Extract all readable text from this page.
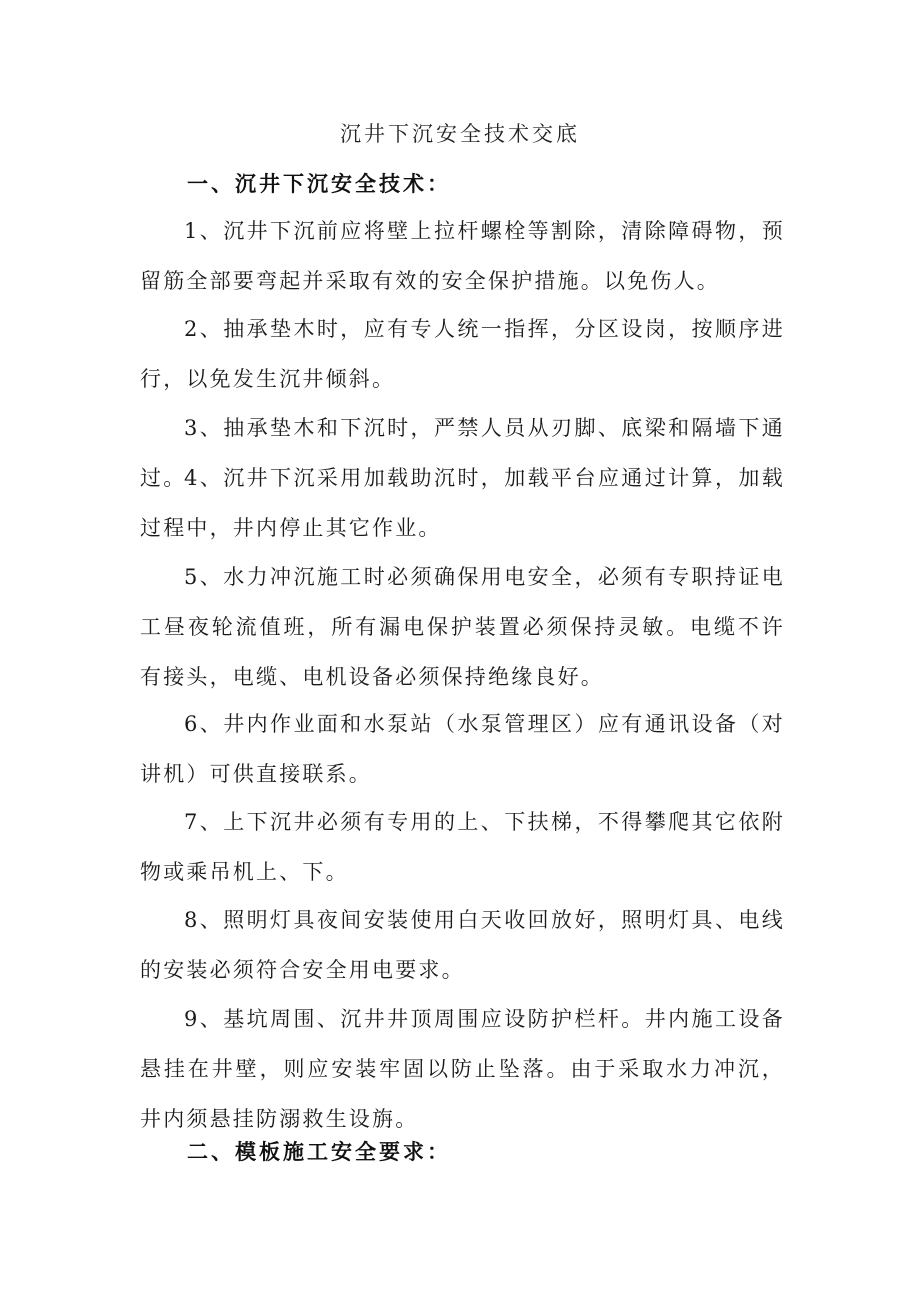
沉井下沉安全技术交底
一、沉井下沉安全技术：
1、沉井下沉前应将壁上拉杆螺栓等割除，清除障碍物，预留筋全部要弯起并采取有效的安全保护措施。以免伤人。
2、抽承垫木时，应有专人统一指挥，分区设岗，按顺序进行，以免发生沉井倾斜。
3、抽承垫木和下沉时，严禁人员从刃脚、底梁和隔墙下通过。
4、沉井下沉采用加载助沉时，加载平台应通过计算，加载过程中，井内停止其它作业。
5、水力冲沉施工时必须确保用电安全，必须有专职持证电工昼夜轮流值班，所有漏电保护装置必须保持灵敏。电缆不许有接头，电缆、电机设备必须保持绝缘良好。
6、井内作业面和水泵站（水泵管理区）应有通讯设备（对讲机）可供直接联系。
7、上下沉井必须有专用的上、下扶梯，不得攀爬其它依附物或乘吊机上、下。
8、照明灯具夜间安装使用白天收回放好，照明灯具、电线的安装必须符合安全用电要求。
9、基坑周围、沉井井顶周围应设防护栏杆。井内施工设备悬挂在井壁，则应安装牢固以防止坠落。由于采取水力冲沉，井内须悬挂防溺救生设旃。
二、模板施工安全要求：
